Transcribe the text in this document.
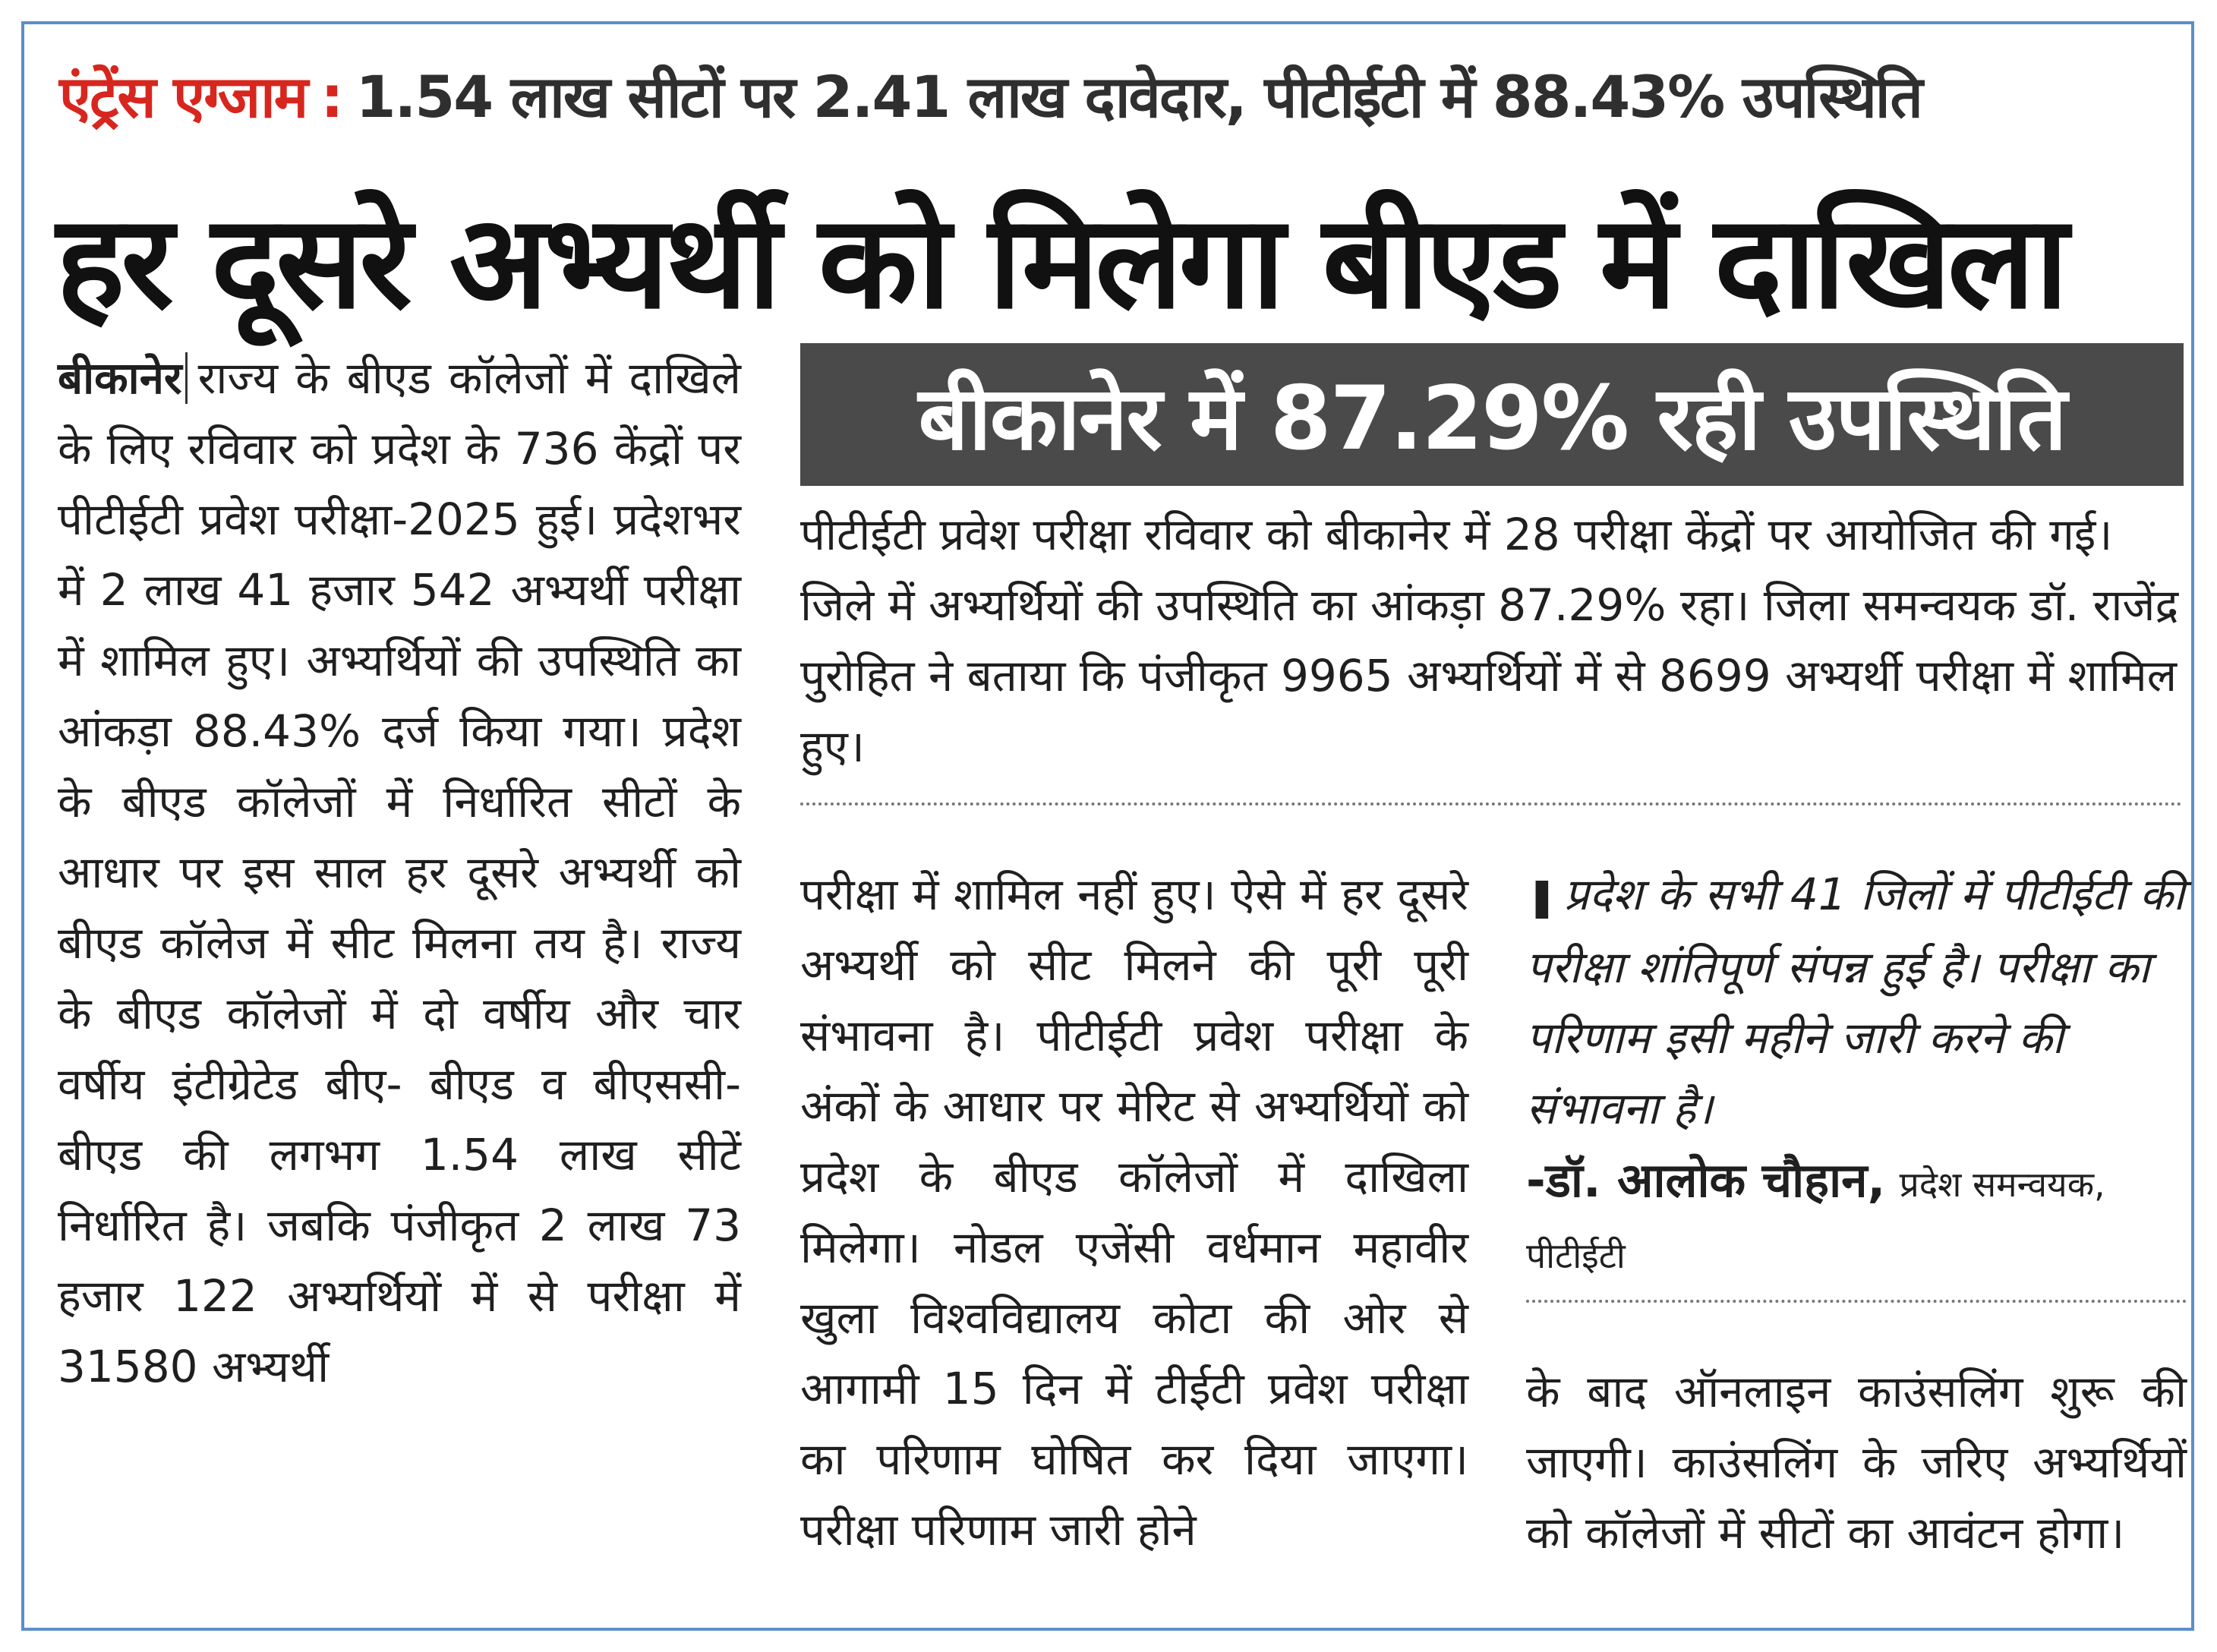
एंट्रेंस एग्जाम : 1.54 लाख सीटों पर 2.41 लाख दावेदार, पीटीईटी में 88.43% उपस्थिति
हर दूसरे अभ्यर्थी को मिलेगा बीएड में दाखिला
बीकानेर राज्य के बीएड कॉलेजों में दाखिले के लिए रविवार को प्रदेश के 736 केंद्रों पर पीटीईटी प्रवेश परीक्षा-2025 हुई। प्रदेशभर में 2 लाख 41 हजार 542 अभ्यर्थी परीक्षा में शामिल हुए। अभ्यर्थियों की उपस्थिति का आंकड़ा 88.43% दर्ज किया गया। प्रदेश के बीएड कॉलेजों में निर्धारित सीटों के आधार पर इस साल हर दूसरे अभ्यर्थी को बीएड कॉलेज में सीट मिलना तय है। राज्य के बीएड कॉलेजों में दो वर्षीय और चार वर्षीय इंटीग्रेटेड बीए- बीएड व बीएससी- बीएड की लगभग 1.54 लाख सीटें निर्धारित है। जबकि पंजीकृत 2 लाख 73 हजार 122 अभ्यर्थियों में से परीक्षा में 31580 अभ्यर्थी
बीकानेर में 87.29% रही उपस्थिति
पीटीईटी प्रवेश परीक्षा रविवार को बीकानेर में 28 परीक्षा केंद्रों पर आयोजित की गई। जिले में अभ्यर्थियों की उपस्थिति का आंकड़ा 87.29% रहा। जिला समन्वयक डॉ. राजेंद्र पुरोहित ने बताया कि पंजीकृत 9965 अभ्यर्थियों में से 8699 अभ्यर्थी परीक्षा में शामिल हुए।
परीक्षा में शामिल नहीं हुए। ऐसे में हर दूसरे अभ्यर्थी को सीट मिलने की पूरी पूरी संभावना है। पीटीईटी प्रवेश परीक्षा के अंकों के आधार पर मेरिट से अभ्यर्थियों को प्रदेश के बीएड कॉलेजों में दाखिला मिलेगा। नोडल एजेंसी वर्धमान महावीर खुला विश्वविद्यालय कोटा की ओर से आगामी 15 दिन में टीईटी प्रवेश परीक्षा का परिणाम घोषित कर दिया जाएगा। परीक्षा परिणाम जारी होने
❚ प्रदेश के सभी 41 जिलों में पीटीईटी की परीक्षा शांतिपूर्ण संपन्न हुई है। परीक्षा का परिणाम इसी महीने जारी करने की संभावना है।
-डॉ. आलोक चौहान, प्रदेश समन्वयक, पीटीईटी
के बाद ऑनलाइन काउंसलिंग शुरू की जाएगी। काउंसलिंग के जरिए अभ्यर्थियों को कॉलेजों में सीटों का आवंटन होगा।
